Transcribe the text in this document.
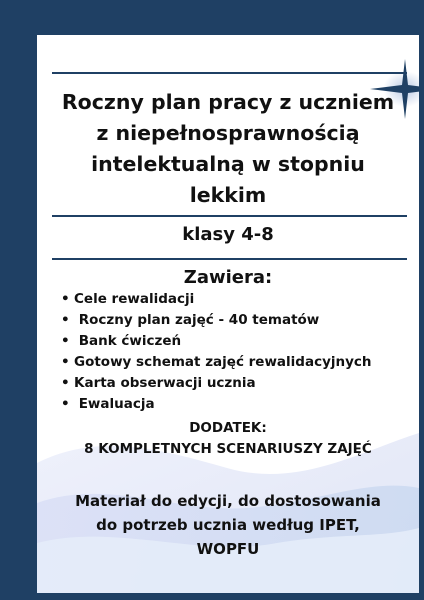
Roczny plan pracy z uczniem
z niepełnosprawnością
intelektualną w stopniu
lekkim
klasy 4-8
Zawiera:
• Cele rewalidacji
• Roczny plan zajęć - 40 tematów
• Bank ćwiczeń
• Gotowy schemat zajęć rewalidacyjnych
• Karta obserwacji ucznia
• Ewaluacja
DODATEK:
8 KOMPLETNYCH SCENARIUSZY ZAJĘĆ
Materiał do edycji, do dostosowania
do potrzeb ucznia według IPET,
WOPFU
